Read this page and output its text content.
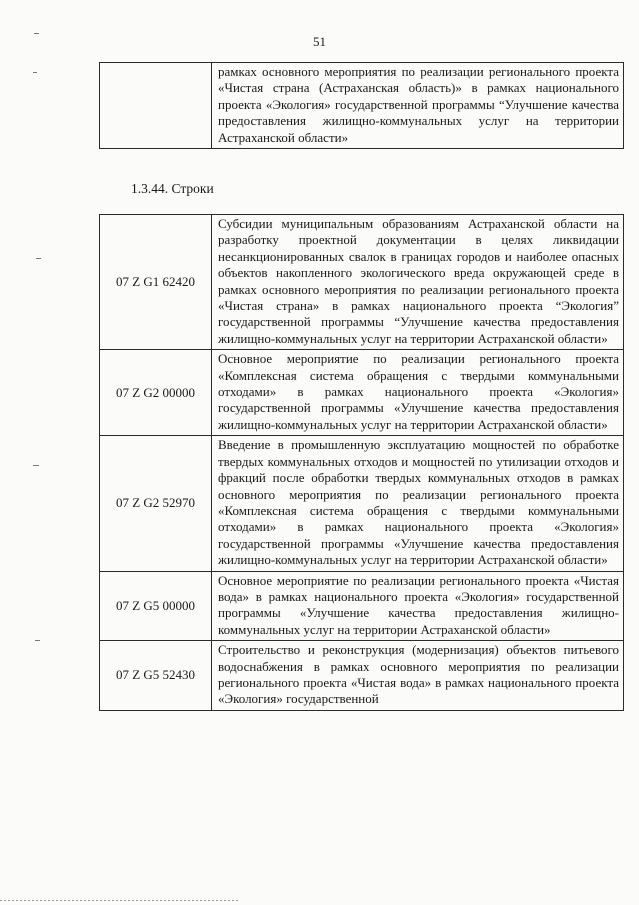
51
	рамках основного мероприятия по реализации регионального проекта «Чистая страна (Астраханская область)» в рамках национального проекта «Экология» государственной программы “Улучшение качества предоставления жилищно-коммунальных услуг на территории Астраханской области»
1.3.44. Строки
07 Z G1 62420	Субсидии муниципальным образованиям Астраханской области на разработку проектной документации в целях ликвидации несанкционированных свалок в границах городов и наиболее опасных объектов накопленного экологического вреда окружающей среде в рамках основного мероприятия по реализации регионального проекта «Чистая страна» в рамках национального проекта “Экология” государственной программы “Улучшение качества предоставления жилищно-коммунальных услуг на территории Астраханской области»
07 Z G2 00000	Основное мероприятие по реализации регионального проекта «Комплексная система обращения с твердыми коммунальными отходами» в рамках национального проекта «Экология» государственной программы «Улучшение качества предоставления жилищно-коммунальных услуг на территории Астраханской области»
07 Z G2 52970	Введение в промышленную эксплуатацию мощностей по обработке твердых коммунальных отходов и мощностей по утилизации отходов и фракций после обработки твердых коммунальных отходов в рамках основного мероприятия по реализации регионального проекта «Комплексная система обращения с твердыми коммунальными отходами» в рамках национального проекта «Экология» государственной программы «Улучшение качества предоставления жилищно-коммунальных услуг на территории Астраханской области»
07 Z G5 00000	Основное мероприятие по реализации регионального проекта «Чистая вода» в рамках национального проекта «Экология» государственной программы «Улучшение качества предоставления жилищно-коммунальных услуг на территории Астраханской области»
07 Z G5 52430	Строительство и реконструкция (модернизация) объектов питьевого водоснабжения в рамках основного мероприятия по реализации регионального проекта «Чистая вода» в рамках национального проекта «Экология» государственной
